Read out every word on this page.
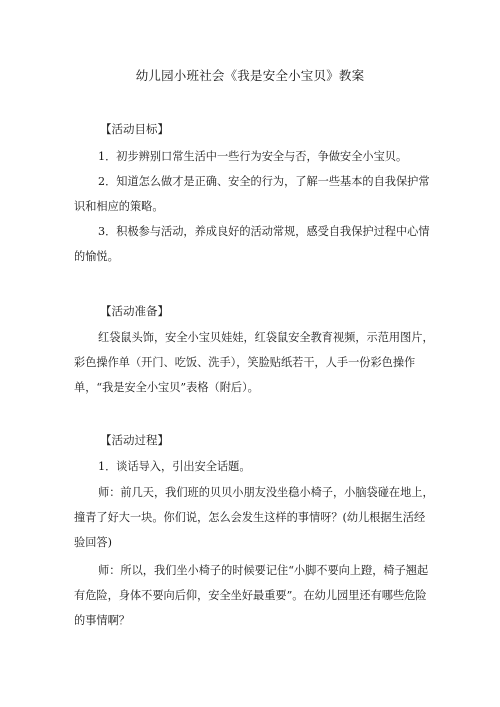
幼儿园小班社会《我是安全小宝贝》教案
【活动目标】

1．初步辨别口常生活中一些行为安全与否，争做安全小宝贝。

2．知道怎么做才是正确、安全的行为，了解一些基本的自我保护常识和相应的策略。

3．积极参与活动，养成良好的活动常规，感受自我保护过程中心情的愉悦。

【活动准备】

红袋鼠头饰，安全小宝贝娃娃，红袋鼠安全教育视频，示范用图片，彩色操作单（开门、吃饭、洗手），笑脸贴纸若干，人手一份彩色操作单，“我是安全小宝贝”表格（附后）。

【活动过程】

1．谈话导入，引出安全话题。

师：前几天，我们班的贝贝小朋友没坐稳小椅子，小脑袋碰在地上，撞青了好大一块。你们说，怎么会发生这样的事情呀？(幼儿根据生活经验回答)

师：所以，我们坐小椅子的时候要记住“小脚不要向上蹬，椅子翘起有危险，身体不要向后仰，安全坐好最重要”。在幼儿园里还有哪些危险的事情啊？
